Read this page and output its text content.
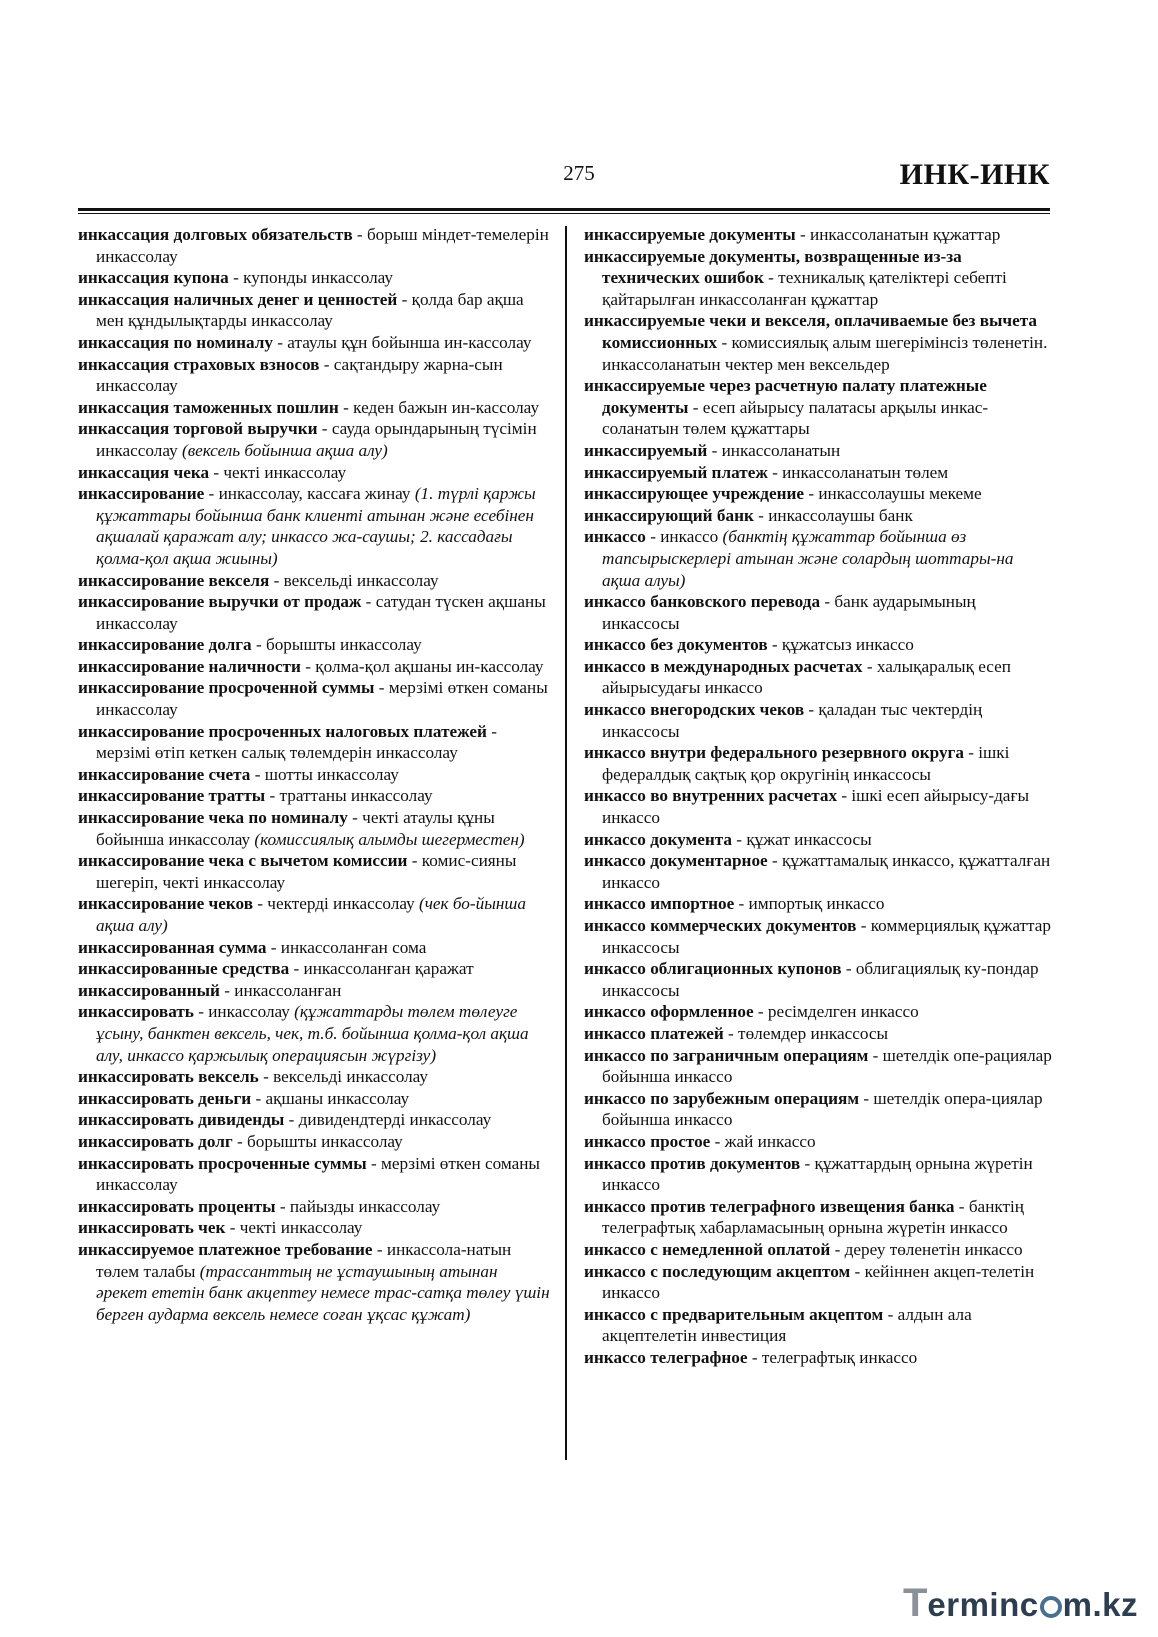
275	ИНК-ИНК

инкассация долговых обязательств - борыш міндет-темелерін инкассолау

инкассация купона - купонды инкассолау

инкассация наличных денег и ценностей - қолда бар ақша мен құндылықтарды инкассолау

инкассация по номиналу - атаулы құн бойынша ин-кассолау

инкассация страховых взносов - сақтандыру жарна-сын инкассолау

инкассация таможенных пошлин - кеден бажын ин-кассолау

инкассация торговой выручки - сауда орындарының түсімін инкассолау (вексель бойынша ақша алу)

инкассация чека - чекті инкассолау

инкассирование - инкассолау, кассаға жинау (1. түрлі қаржы құжаттары бойынша банк клиенті атынан және есебінен ақшалай қаражат алу; инкассо жа-саушы; 2. кассадағы қолма-қол ақша жиыны)

инкассирование векселя - вексельді инкассолау

инкассирование выручки от продаж - сатудан түскен ақшаны инкассолау

инкассирование долга - борышты инкассолау

инкассирование наличности - қолма-қол ақшаны ин-кассолау

инкассирование просроченной суммы - мерзімі өткен соманы инкассолау

инкассирование просроченных налоговых платежей - мерзімі өтіп кеткен салық төлемдерін инкассолау

инкассирование счета - шотты инкассолау

инкассирование тратты - траттаны инкассолау

инкассирование чека по номиналу - чекті атаулы құны бойынша инкассолау (комиссиялық алымды шегерместен)

инкассирование чека с вычетом комиссии - комис-сияны шегеріп, чекті инкассолау

инкассирование чеков - чектерді инкассолау (чек бо-йынша ақша алу)

инкассированная сумма - инкассоланған сома

инкассированные средства - инкассоланған қаражат

инкассированный - инкассоланған

инкассировать - инкассолау (құжаттарды төлем төлеуге ұсыну, банктен вексель, чек, т.б. бойынша қолма-қол ақша алу, инкассо қаржылық операциясын жүргізу)

инкассировать вексель - вексельді инкассолау

инкассировать деньги - ақшаны инкассолау

инкассировать дивиденды - дивидендтерді инкассолау

инкассировать долг - борышты инкассолау

инкассировать просроченные суммы - мерзімі өткен соманы инкассолау

инкассировать проценты - пайызды инкассолау

инкассировать чек - чекті инкассолау

инкассируемое платежное требование - инкассола-натын төлем талабы (трассанттың не ұстаушының атынан әрекет ететін банк акцептеу немесе трас-сатқа төлеу үшін берген аударма вексель немесе соған ұқсас құжат)

инкассируемые документы - инкассоланатын құжаттар

инкассируемые документы, возвращенные из-за технических ошибок - техникалық қателіктері себепті қайтарылған инкассоланған құжаттар

инкассируемые чеки и векселя, оплачиваемые без вычета комиссионных - комиссиялық алым шегерімінсіз төленетін. инкассоланатын чектер мен вексельдер

инкассируемые через расчетную палату платежные документы - есеп айырысу палатасы арқылы инкас-соланатын төлем құжаттары

инкассируемый - инкассоланатын

инкассируемый платеж - инкассоланатын төлем

инкассирующее учреждение - инкассолаушы мекеме

инкассирующий банк - инкассолаушы банк

инкассо - инкассо (банктің құжаттар бойынша өз тапсырыскерлері атынан және солардың шоттары-на ақша алуы)

инкассо банковского перевода - банк аударымының инкассосы

инкассо без документов - құжатсыз инкассо

инкассо в международных расчетах - халықаралық есеп айырысудағы инкассо

инкассо внегородских чеков - қаладан тыс чектердің инкассосы

инкассо внутри федерального резервного округа - ішкі федералдық сақтық қор округінің инкассосы

инкассо во внутренних расчетах - ішкі есеп айырысу-дағы инкассо

инкассо документа - құжат инкассосы

инкассо документарное - құжаттамалық инкассо, құжатталған инкассо

инкассо импортное - импортық инкассо

инкассо коммерческих документов - коммерциялық құжаттар инкассосы

инкассо облигационных купонов - облигациялық ку-пондар инкассосы

инкассо оформленное - ресімделген инкассо

инкассо платежей - төлемдер инкассосы

инкассо по заграничным операциям - шетелдік опе-рациялар бойынша инкассо

инкассо по зарубежным операциям - шетелдік опера-циялар бойынша инкассо

инкассо простое - жай инкассо

инкассо против документов - құжаттардың орнына жүретін инкассо

инкассо против телеграфного извещения банка - банктің телеграфтық хабарламасының орнына жүретін инкассо

инкассо с немедленной оплатой - дереу төленетін инкассо

инкассо с последующим акцептом - кейіннен акцеп-телетін инкассо

инкассо с предварительным акцептом - алдын ала акцептелетін инвестиция

инкассо телеграфное - телеграфтық инкассо

T erminc m.kz
